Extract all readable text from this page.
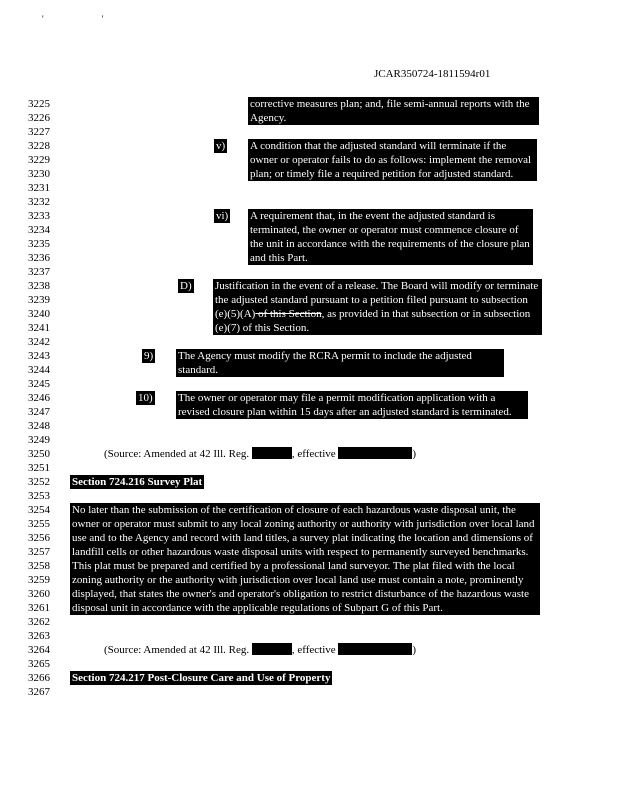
' '
JCAR350724-1811594r01
3225
3226
3227
3228
3229
3230
3231
3232
3233
3234
3235
3236
3237
3238
3239
3240
3241
3242
3243
3244
3245
3246
3247
3248
3249
3250
3251
3252
3253
3254
3255
3256
3257
3258
3259
3260
3261
3262
3263
3264
3265
3266
3267
corrective measures plan; and, file semi-annual reports with the Agency.
v) A condition that the adjusted standard will terminate if the owner or operator fails to do as follows: implement the removal plan; or timely file a required petition for adjusted standard.
vi) A requirement that, in the event the adjusted standard is terminated, the owner or operator must commence closure of the unit in accordance with the requirements of the closure plan and this Part.
D) Justification in the event of a release. The Board will modify or terminate the adjusted standard pursuant to a petition filed pursuant to subsection (e)(5)(A) of this Section, as provided in that subsection or in subsection (e)(7) of this Section.
9) The Agency must modify the RCRA permit to include the adjusted standard.
10) The owner or operator may file a permit modification application with a revised closure plan within 15 days after an adjusted standard is terminated.
(Source: Amended at 42 Ill. Reg.	, effective	)
Section 724.216 Survey Plat
No later than the submission of the certification of closure of each hazardous waste disposal unit, the owner or operator must submit to any local zoning authority or authority with jurisdiction over local land use and to the Agency and record with land titles, a survey plat indicating the location and dimensions of landfill cells or other hazardous waste disposal units with respect to permanently surveyed benchmarks. This plat must be prepared and certified by a professional land surveyor. The plat filed with the local zoning authority or the authority with jurisdiction over local land use must contain a note, prominently displayed, that states the owner's and operator's obligation to restrict disturbance of the hazardous waste disposal unit in accordance with the applicable regulations of Subpart G of this Part.
(Source: Amended at 42 Ill. Reg.	, effective	)
Section 724.217 Post-Closure Care and Use of Property
